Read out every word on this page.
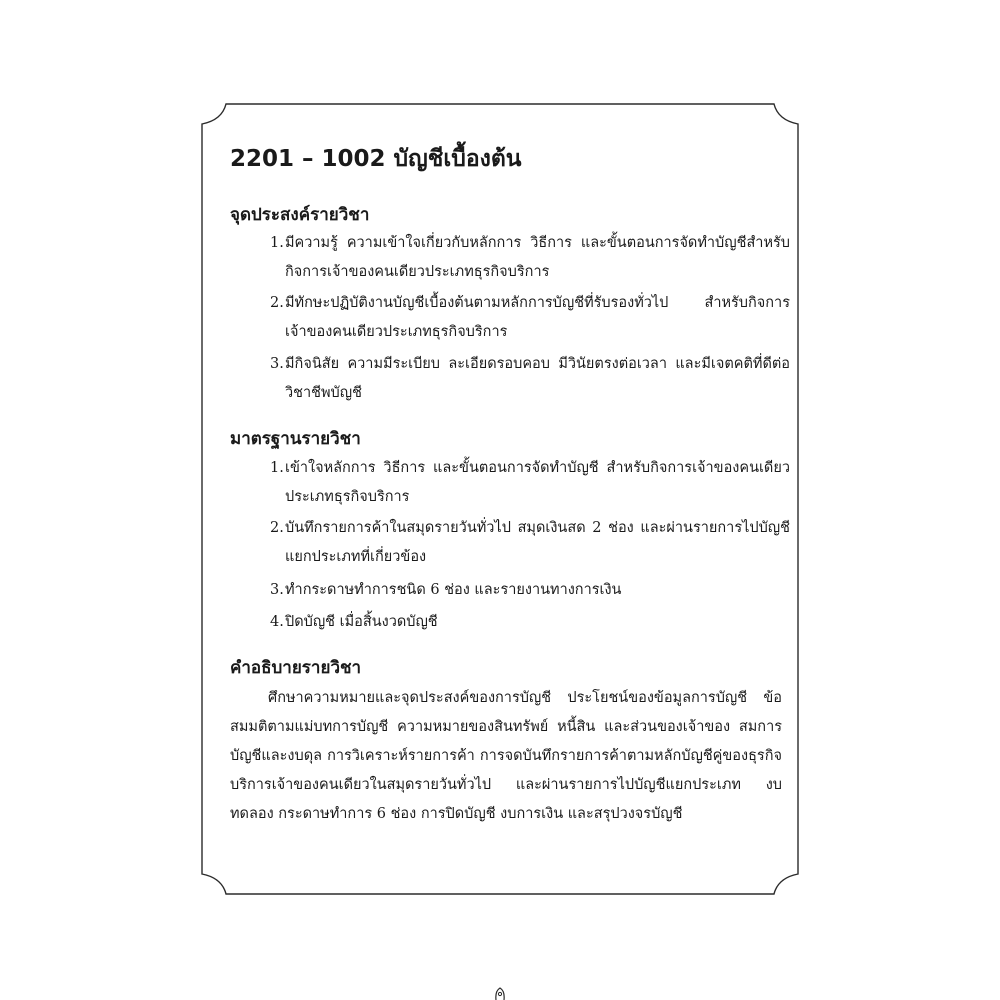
2201 – 1002 บัญชีเบื้องต้น
จุดประสงค์รายวิชา
1. มีความรู้ ความเข้าใจเกี่ยวกับหลักการ วิธีการ และขั้นตอนการจัดทำบัญชีสำหรับกิจการเจ้าของคนเดียวประเภทธุรกิจบริการ
2. มีทักษะปฏิบัติงานบัญชีเบื้องต้นตามหลักการบัญชีที่รับรองทั่วไป สำหรับกิจการเจ้าของคนเดียวประเภทธุรกิจบริการ
3. มีกิจนิสัย ความมีระเบียบ ละเอียดรอบคอบ มีวินัยตรงต่อเวลา และมีเจตคติที่ดีต่อวิชาชีพบัญชี
มาตรฐานรายวิชา
1. เข้าใจหลักการ วิธีการ และขั้นตอนการจัดทำบัญชี สำหรับกิจการเจ้าของคนเดียวประเภทธุรกิจบริการ
2. บันทึกรายการค้าในสมุดรายวันทั่วไป สมุดเงินสด 2 ช่อง และผ่านรายการไปบัญชีแยกประเภทที่เกี่ยวข้อง
3. ทำกระดาษทำการชนิด 6 ช่อง และรายงานทางการเงิน
4. ปิดบัญชี เมื่อสิ้นงวดบัญชี
คำอธิบายรายวิชา

ศึกษาความหมายและจุดประสงค์ของการบัญชี ประโยชน์ของข้อมูลการบัญชี ข้อสมมติตามแม่บทการบัญชี ความหมายของสินทรัพย์ หนี้สิน และส่วนของเจ้าของ สมการบัญชีและงบดุล การวิเคราะห์รายการค้า การจดบันทึกรายการค้าตามหลักบัญชีคู่ของธุรกิจบริการเจ้าของคนเดียวในสมุดรายวันทั่วไป และผ่านรายการไปบัญชีแยกประเภท งบทดลอง กระดาษทำการ 6 ช่อง การปิดบัญชี งบการเงิน และสรุปวงจรบัญชี
